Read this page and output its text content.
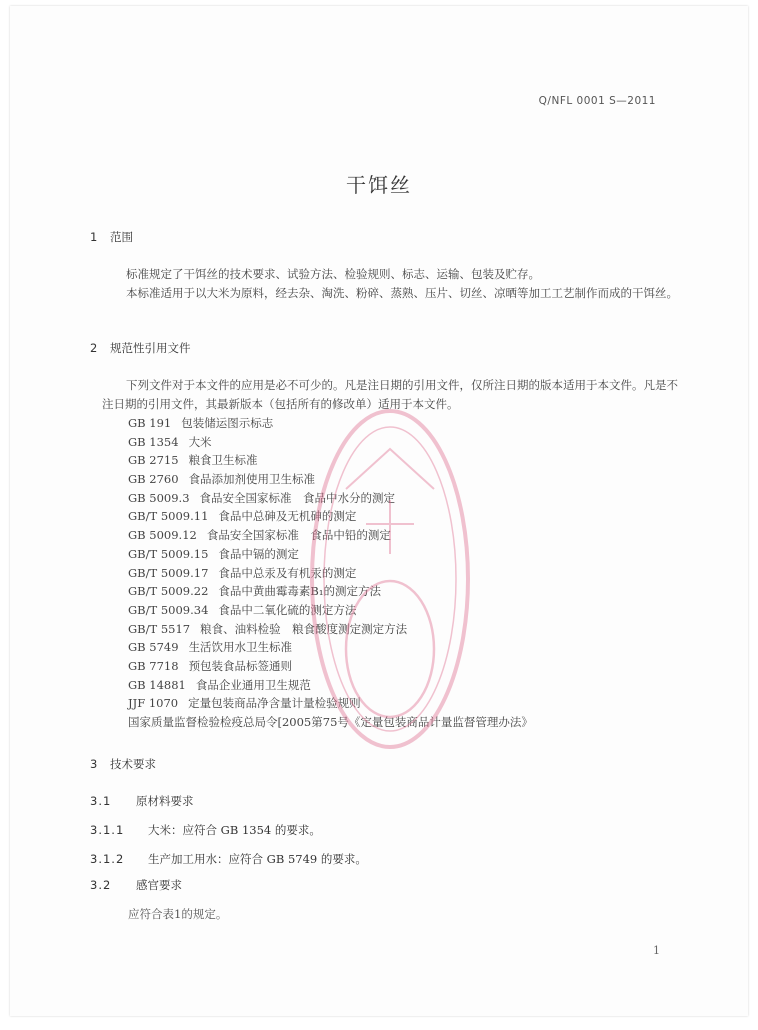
Q/NFL 0001 S—2011
干饵丝
1 范围
标准规定了干饵丝的技术要求、试验方法、检验规则、标志、运输、包装及贮存。
本标准适用于以大米为原料，经去杂、淘洗、粉碎、蒸熟、压片、切丝、凉晒等加工工艺制作而成的干饵丝。
2 规范性引用文件
下列文件对于本文件的应用是必不可少的。凡是注日期的引用文件，仅所注日期的版本适用于本文件。凡是不注日期的引用文件，其最新版本（包括所有的修改单）适用于本文件。
GB 191 包装储运图示标志
GB 1354 大米
GB 2715 粮食卫生标准
GB 2760 食品添加剂使用卫生标准
GB 5009.3 食品安全国家标准　食品中水分的测定
GB/T 5009.11 食品中总砷及无机砷的测定
GB 5009.12 食品安全国家标准　食品中铅的测定
GB/T 5009.15 食品中镉的测定
GB/T 5009.17 食品中总汞及有机汞的测定
GB/T 5009.22 食品中黄曲霉毒素B₁的测定方法
GB/T 5009.34 食品中二氧化硫的测定方法
GB/T 5517 粮食、油料检验　粮食酸度测定测定方法
GB 5749 生活饮用水卫生标准
GB 7718 预包装食品标签通则
GB 14881 食品企业通用卫生规范
JJF 1070 定量包装商品净含量计量检验规则
国家质量监督检验检疫总局令[2005第75号《定量包装商品计量监督管理办法》
3 技术要求
3.1 原材料要求
3.1.1 大米：应符合 GB 1354 的要求。
3.1.2 生产加工用水：应符合 GB 5749 的要求。
3.2 感官要求
应符合表1的规定。
1
